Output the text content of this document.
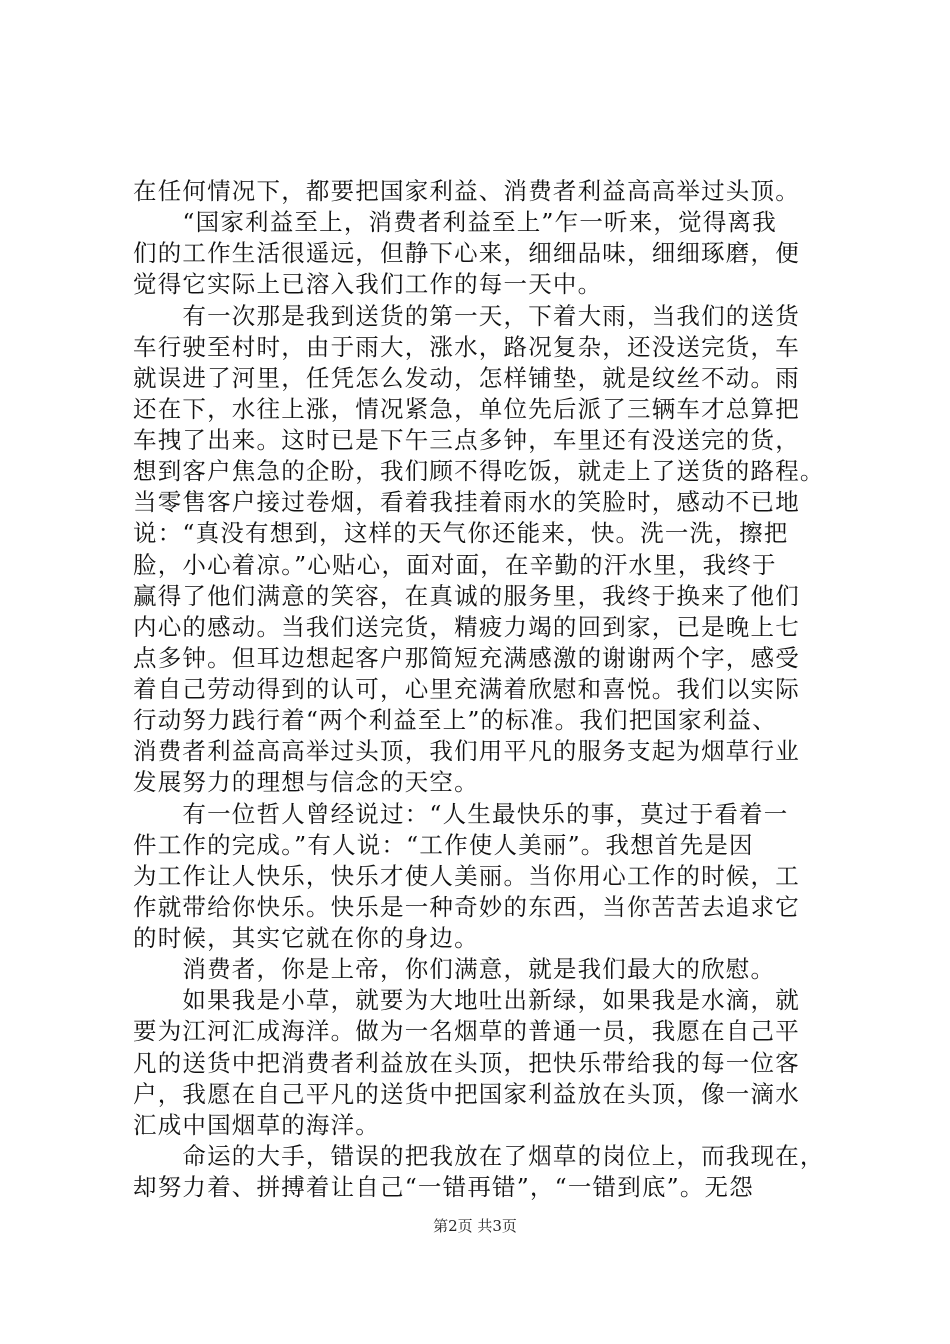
在任何情况下，都要把国家利益、消费者利益高高举过头顶。
　　“国家利益至上，消费者利益至上”乍一听来，觉得离我
们的工作生活很遥远，但静下心来，细细品味，细细琢磨，便
觉得它实际上已溶入我们工作的每一天中。
　　有一次那是我到送货的第一天，下着大雨，当我们的送货
车行驶至村时，由于雨大，涨水，路况复杂，还没送完货，车
就误进了河里，任凭怎么发动，怎样铺垫，就是纹丝不动。雨
还在下，水往上涨，情况紧急，单位先后派了三辆车才总算把
车拽了出来。这时已是下午三点多钟，车里还有没送完的货，
想到客户焦急的企盼，我们顾不得吃饭，就走上了送货的路程。
当零售客户接过卷烟，看着我挂着雨水的笑脸时，感动不已地
说：“真没有想到，这样的天气你还能来，快。洗一洗，擦把
脸，小心着凉。”心贴心，面对面，在辛勤的汗水里，我终于
赢得了他们满意的笑容，在真诚的服务里，我终于换来了他们
内心的感动。当我们送完货，精疲力竭的回到家，已是晚上七
点多钟。但耳边想起客户那简短充满感激的谢谢两个字，感受
着自己劳动得到的认可，心里充满着欣慰和喜悦。我们以实际
行动努力践行着“两个利益至上”的标准。我们把国家利益、
消费者利益高高举过头顶，我们用平凡的服务支起为烟草行业
发展努力的理想与信念的天空。
　　有一位哲人曾经说过：“人生最快乐的事，莫过于看着一
件工作的完成。”有人说：“工作使人美丽”。我想首先是因
为工作让人快乐，快乐才使人美丽。当你用心工作的时候，工
作就带给你快乐。快乐是一种奇妙的东西，当你苦苦去追求它
的时候，其实它就在你的身边。
　　消费者，你是上帝，你们满意，就是我们最大的欣慰。
　　如果我是小草，就要为大地吐出新绿，如果我是水滴，就
要为江河汇成海洋。做为一名烟草的普通一员，我愿在自己平
凡的送货中把消费者利益放在头顶，把快乐带给我的每一位客
户，我愿在自己平凡的送货中把国家利益放在头顶，像一滴水
汇成中国烟草的海洋。
　　命运的大手，错误的把我放在了烟草的岗位上，而我现在，
却努力着、拼搏着让自己“一错再错”，“一错到底”。无怨
第2页 共3页
